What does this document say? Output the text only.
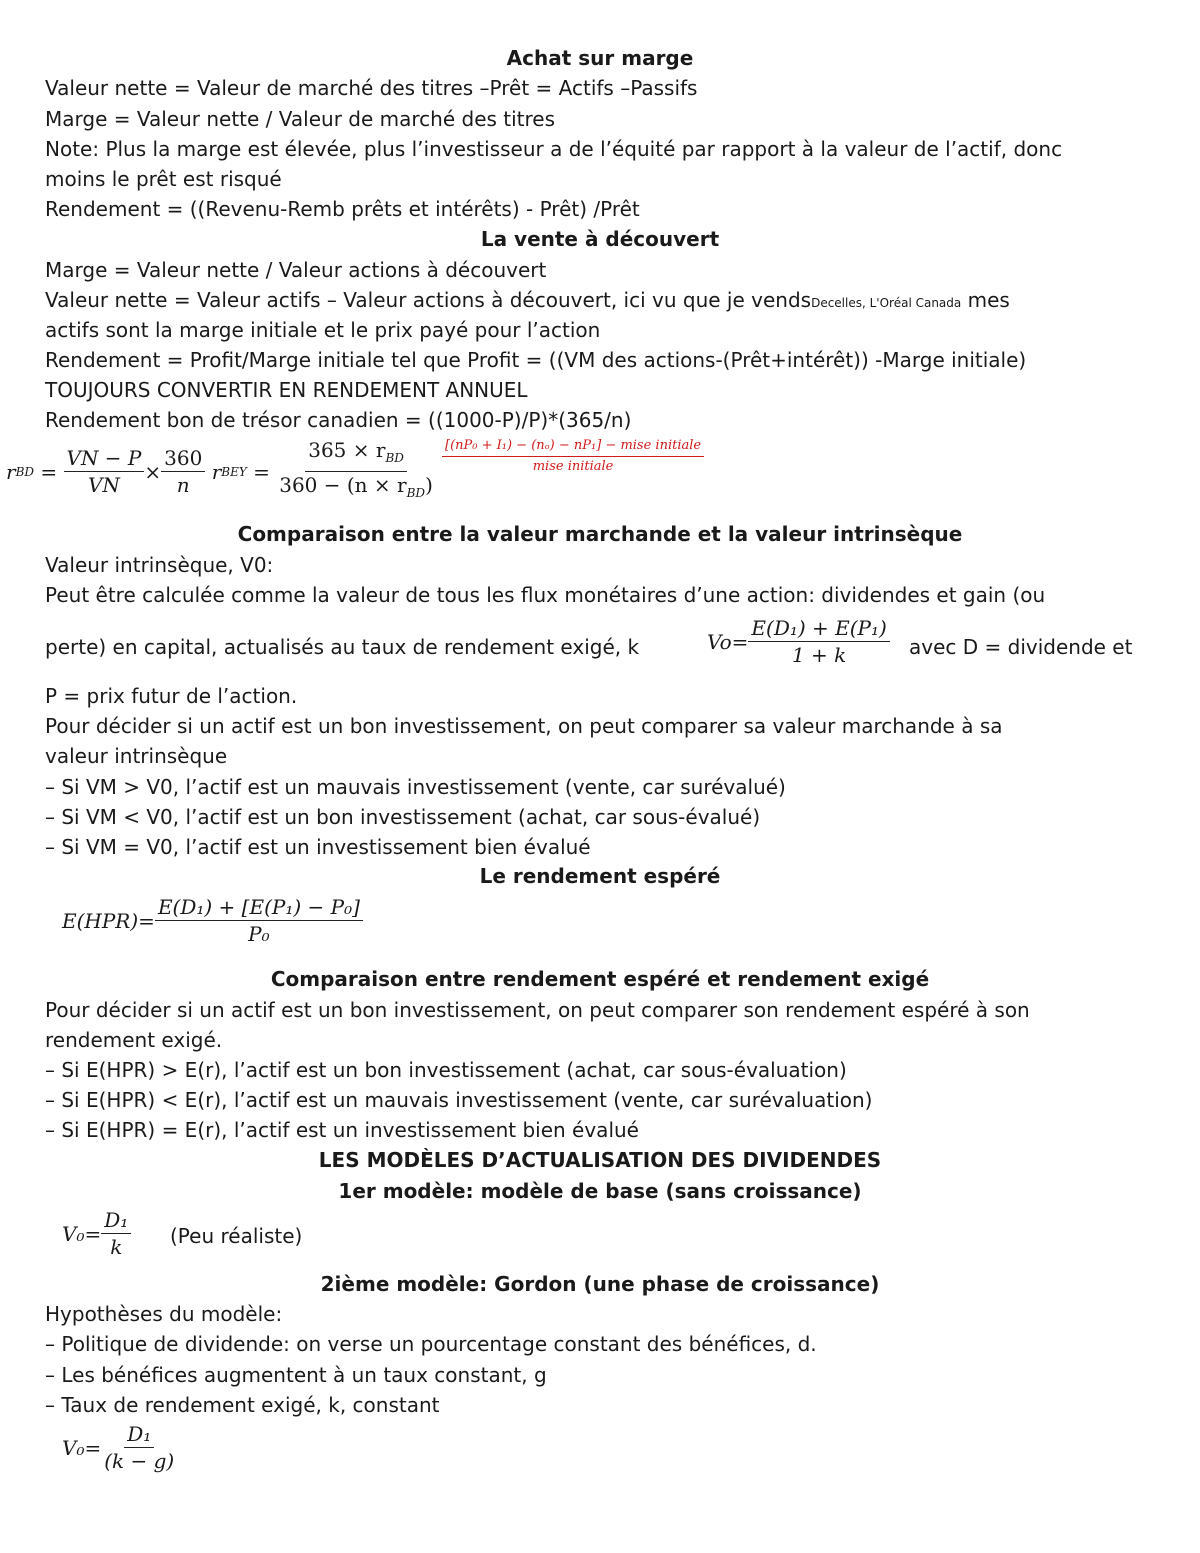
Achat sur marge
Valeur nette = Valeur de marché des titres –Prêt = Actifs –Passifs
Marge = Valeur nette / Valeur de marché des titres
Note: Plus la marge est élevée, plus l’investisseur a de l’équité par rapport à la valeur de l’actif, donc
moins le prêt est risqué
Rendement = ((Revenu-Remb prêts et intérêts) - Prêt) /Prêt
La vente à découvert
Marge = Valeur nette / Valeur actions à découvert
Valeur nette = Valeur actifs – Valeur actions à découvert, ici vu que je vendsDecelles, L'Oréal Canada mes
actifs sont la marge initiale et le prix payé pour l’action
Rendement = Profit/Marge initiale tel que Profit = ((VM des actions-(Prêt+intérêt)) -Marge initiale)
TOUJOURS CONVERTIR EN RENDEMENT ANNUEL
Rendement bon de trésor canadien = ((1000-P)/P)*(365/n)
r BD = $\frac{VN - P}{VN} \times \frac{360}{n}$
r BEY = $\frac{365 \times r_{BD}}{360 - (n \times r_{BD})} \frac{\text{[(nP₀ + I₁) − (nₒ) − nP₁] − mise initiale}}{\text{mise initiale}}$
Comparaison entre la valeur marchande et la valeur intrinsèque
Valeur intrinsèque, V0:
Peut être calculée comme la valeur de tous les flux monétaires d’une action: dividendes et gain (ou
perte) en capital, actualisés au taux de rendement exigé, k	$Vo = \frac{\text{E(D₁) + E(P₁)}}{1 + k}$ avec D = dividende et
P = prix futur de l’action.
Pour décider si un actif est un bon investissement, on peut comparer sa valeur marchande à sa
valeur intrinsèque
– Si VM > V0, l’actif est un mauvais investissement (vente, car surévalué)
– Si VM < V0, l’actif est un bon investissement (achat, car sous-évalué)
– Si VM = V0, l’actif est un investissement bien évalué
Le rendement espéré
$E(HPR) = \frac{\text{E(D₁) + [E(P₁) − P₀]}}{\text{P₀}}$
Comparaison entre rendement espéré et rendement exigé
Pour décider si un actif est un bon investissement, on peut comparer son rendement espéré à son
rendement exigé.
– Si E(HPR) > E(r), l’actif est un bon investissement (achat, car sous-évaluation)
– Si E(HPR) < E(r), l’actif est un mauvais investissement (vente, car surévaluation)
– Si E(HPR) = E(r), l’actif est un investissement bien évalué
LES MODÈLES D’ACTUALISATION DES DIVIDENDES
1er modèle: modèle de base (sans croissance)
$V_0 = \frac{\text{D₁}}{k} (Peu$ réaliste)
2ième modèle: Gordon (une phase de croissance)
Hypothèses du modèle:
– Politique de dividende: on verse un pourcentage constant des bénéfices, d.
– Les bénéfices augmentent à un taux constant, g
– Taux de rendement exigé, k, constant
$V_0 = \frac{\text{D₁}}{(k - g)}$
